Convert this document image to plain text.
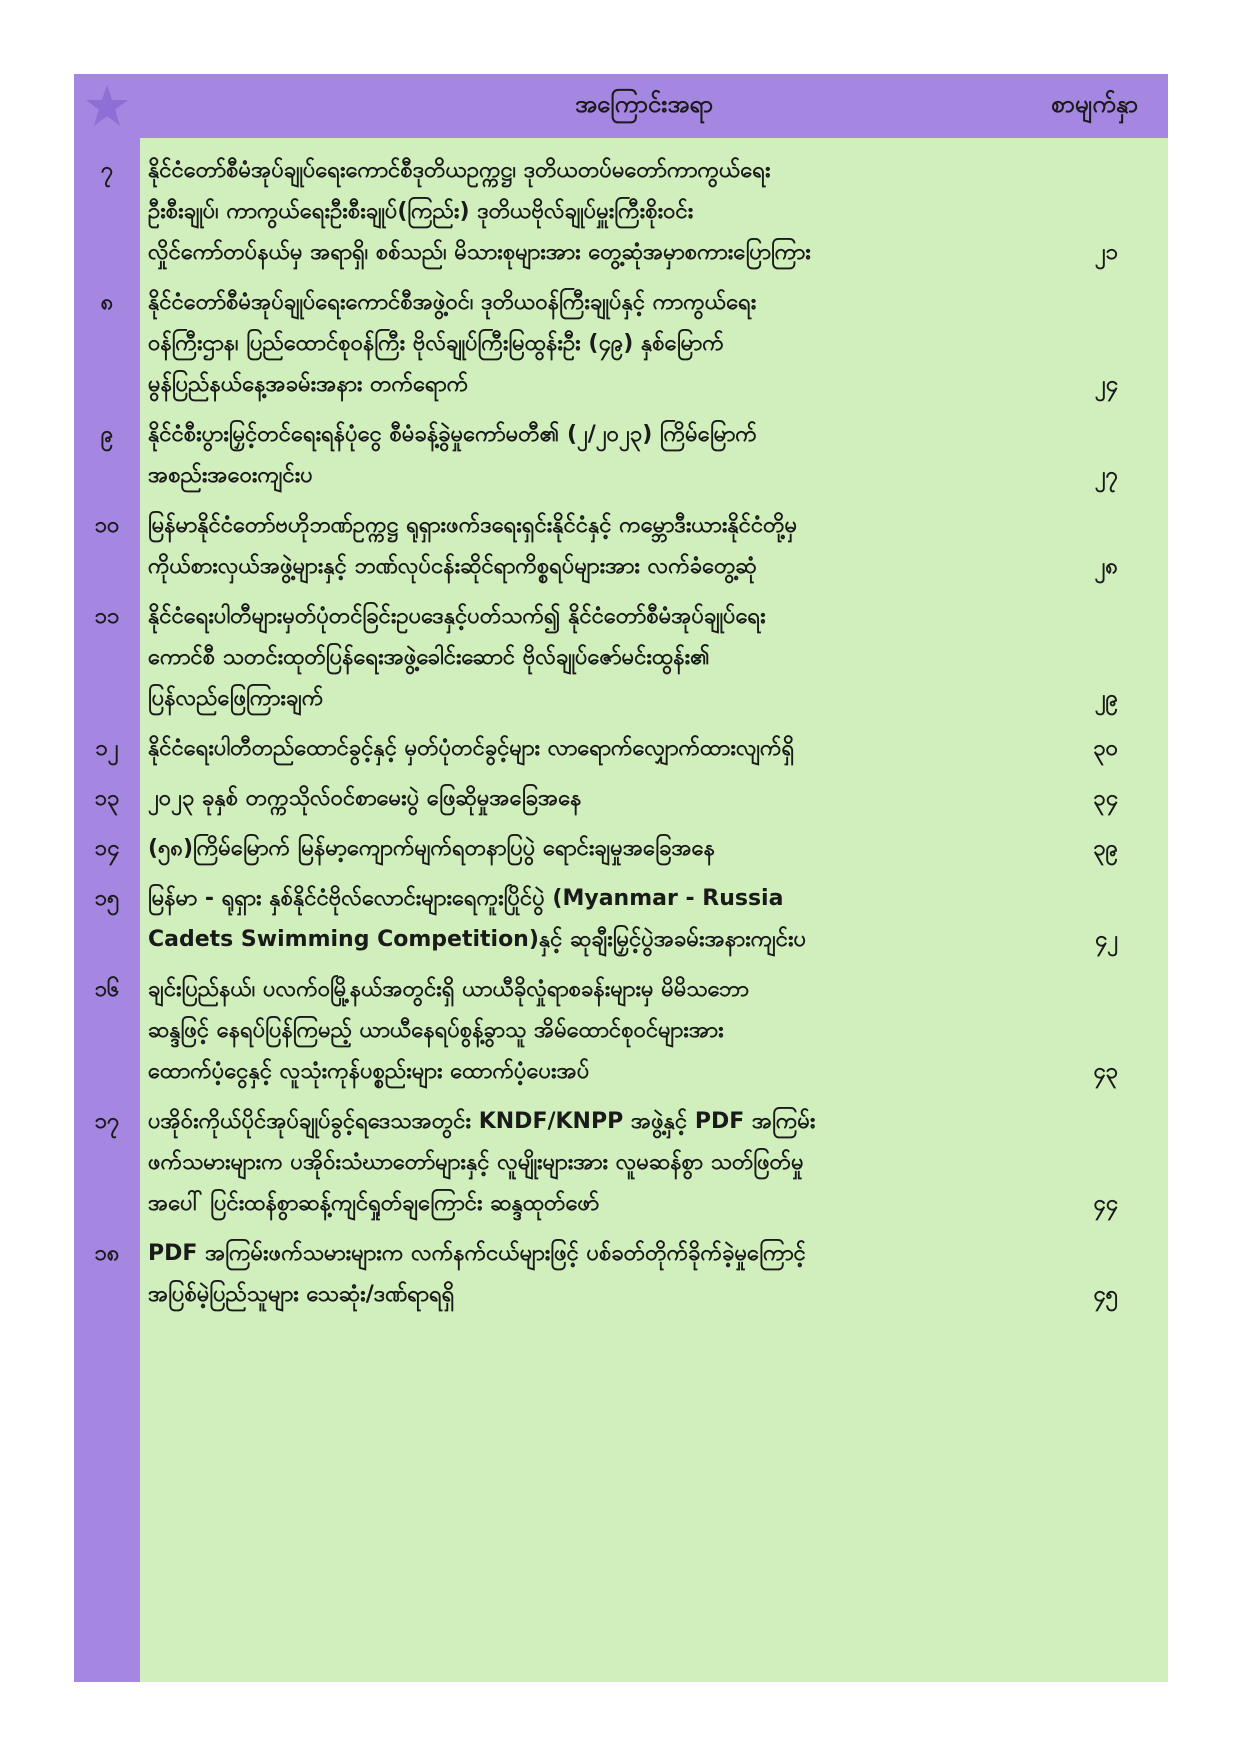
အကြောင်းအရာ	စာမျက်နှာ
၇	နိုင်ငံတော်စီမံအုပ်ချုပ်ရေးကောင်စီဒုတိယဥက္ကဋ္ဌ၊ ဒုတိယတပ်မတော်ကာကွယ်ရေး
ဦးစီးချုပ်၊ ကာကွယ်ရေးဦးစီးချုပ်(ကြည်း) ဒုတိယဗိုလ်ချုပ်မှူးကြီးစိုးဝင်း
လှိုင်ကော်တပ်နယ်မှ အရာရှိ၊ စစ်သည်၊ မိသားစုများအား တွေ့ဆုံအမှာစကားပြောကြား	၂၁
၈	နိုင်ငံတော်စီမံအုပ်ချုပ်ရေးကောင်စီအဖွဲ့ဝင်၊ ဒုတိယဝန်ကြီးချုပ်နှင့် ကာကွယ်ရေး
ဝန်ကြီးဌာန၊ ပြည်ထောင်စုဝန်ကြီး ဗိုလ်ချုပ်ကြီးမြထွန်းဦး (၄၉) နှစ်မြောက်
မွန်ပြည်နယ်နေ့အခမ်းအနား တက်ရောက်	၂၄
၉	နိုင်ငံစီးပွားမြှင့်တင်ရေးရန်ပုံငွေ စီမံခန့်ခွဲမှုကော်မတီ၏ (၂/၂၀၂၃) ကြိမ်မြောက်
အစည်းအဝေးကျင်းပ	၂၇
၁၀	မြန်မာနိုင်ငံတော်ဗဟိုဘဏ်ဥက္ကဋ္ဌ ရုရှားဖက်ဒရေးရှင်းနိုင်ငံနှင့် ကမ္ဘောဒီးယားနိုင်ငံတို့မှ
ကိုယ်စားလှယ်အဖွဲ့များနှင့် ဘဏ်လုပ်ငန်းဆိုင်ရာကိစ္စရပ်များအား လက်ခံတွေ့ဆုံ	၂၈
၁၁	နိုင်ငံရေးပါတီများမှတ်ပုံတင်ခြင်းဥပဒေနှင့်ပတ်သက်၍ နိုင်ငံတော်စီမံအုပ်ချုပ်ရေး
ကောင်စီ သတင်းထုတ်ပြန်ရေးအဖွဲ့ခေါင်းဆောင် ဗိုလ်ချုပ်ဇော်မင်းထွန်း၏
ပြန်လည်ဖြေကြားချက်	၂၉
၁၂	နိုင်ငံရေးပါတီတည်ထောင်ခွင့်နှင့် မှတ်ပုံတင်ခွင့်များ လာရောက်လျှောက်ထားလျက်ရှိ	၃၀
၁၃	၂၀၂၃ ခုနှစ် တက္ကသိုလ်ဝင်စာမေးပွဲ ဖြေဆိုမှုအခြေအနေ	၃၄
၁၄	(၅၈)ကြိမ်မြောက် မြန်မာ့ကျောက်မျက်ရတနာပြပွဲ ရောင်းချမှုအခြေအနေ	၃၉
၁၅	မြန်မာ - ရုရှား နှစ်နိုင်ငံဗိုလ်လောင်းများရေကူးပြိုင်ပွဲ (Myanmar - Russia
Cadets Swimming Competition)နှင့် ဆုချီးမြှင့်ပွဲအခမ်းအနားကျင်းပ	၄၂
၁၆	ချင်းပြည်နယ်၊ ပလက်ဝမြို့နယ်အတွင်းရှိ ယာယီခိုလှုံရာစခန်းများမှ မိမိသဘော
ဆန္ဒဖြင့် နေရပ်ပြန်ကြမည့် ယာယီနေရပ်စွန့်ခွာသူ အိမ်ထောင်စုဝင်များအား
ထောက်ပံ့ငွေနှင့် လူသုံးကုန်ပစ္စည်းများ ထောက်ပံ့ပေးအပ်	၄၃
၁၇	ပအိုဝ်းကိုယ်ပိုင်အုပ်ချုပ်ခွင့်ရဒေသအတွင်း KNDF/KNPP အဖွဲ့နှင့် PDF အကြမ်း
ဖက်သမားများက ပအိုဝ်းသံဃာတော်များနှင့် လူမျိုးများအား လူမဆန်စွာ သတ်ဖြတ်မှု
အပေါ် ပြင်းထန်စွာဆန့်ကျင်ရှုတ်ချကြောင်း ဆန္ဒထုတ်ဖော်	၄၄
၁၈	PDF အကြမ်းဖက်သမားများက လက်နက်ငယ်များဖြင့် ပစ်ခတ်တိုက်ခိုက်ခဲ့မှုကြောင့်
အပြစ်မဲ့ပြည်သူများ သေဆုံး/ဒဏ်ရာရရှိ	၄၅
